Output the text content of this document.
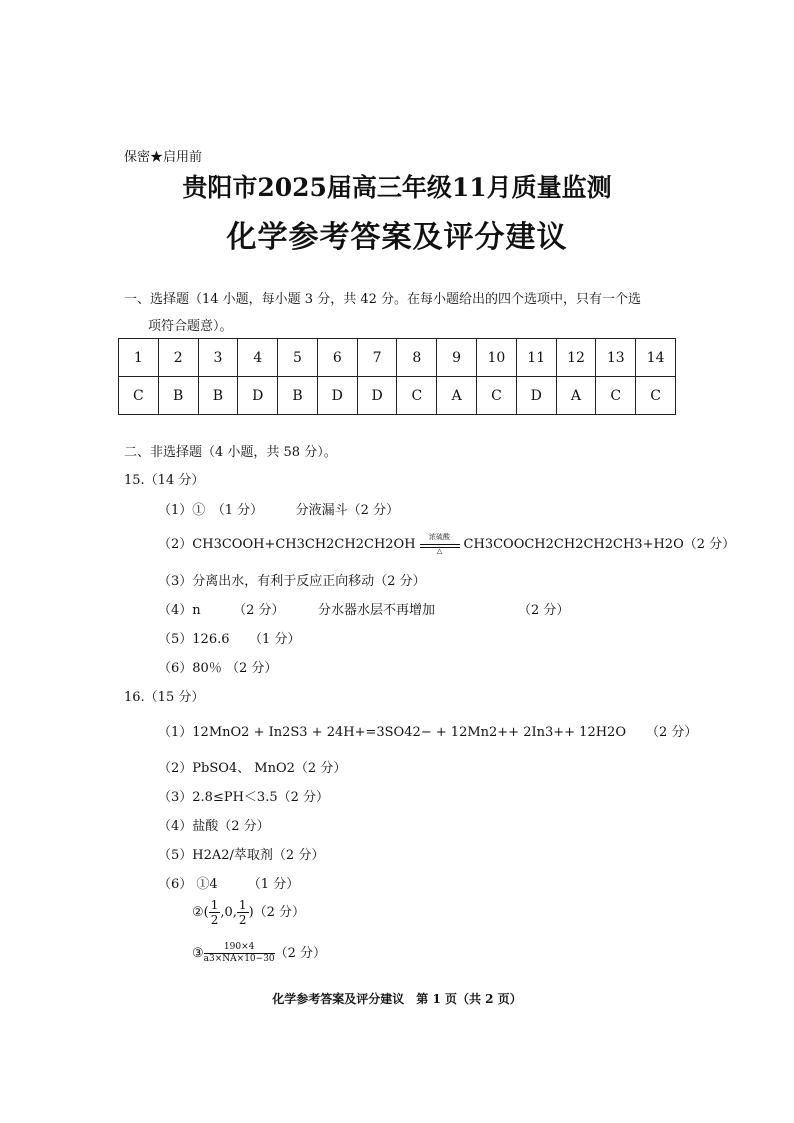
保密★启用前
贵阳市2025届高三年级11月质量监测
化学参考答案及评分建议
一、选择题（14 小题，每小题 3 分，共 42 分。在每小题给出的四个选项中，只有一个选
项符合题意）。
1	2	3	4	5	6	7	8	9	10	11	12	13	14
C	B	B	D	B	D	D	C	A	C	D	A	C	C
二、非选择题（4 小题，共 58 分）。
15.（14 分）
（1）①　（1 分）　　　分液漏斗（2 分）
（2）CH3COOH+CH3CH2CH2CH2OH
浓硫酸
△	CH3COOCH2CH2CH2CH3+H2O（2 分）
（3）分离出水，有利于反应正向移动（2 分）
（4）n　　　（2 分）	分水器水层不再增加	（2 分）
（5）126.6　　（1 分）
（6）80％ （2 分）
16.（15 分）
（1）12MnO2 + In2S3 + 24H+=3SO42− + 12Mn2++ 2In3++ 12H2O （2 分）
（2）PbSO4、 MnO2（2 分）
（3）2.8≤PH＜3.5（2 分）
（4）盐酸（2 分）
（5）H2A2/萃取剂（2 分）
（6） ①4　　 （1 分）
②( $\frac{1}{2} ,0$, $\frac{1}{2} )(2$ 分）
③ $\frac{190\times 4}{a3\times NA\times 10-30} (2$ 分）
化学参考答案及评分建议　第 1 页（共 2 页）
